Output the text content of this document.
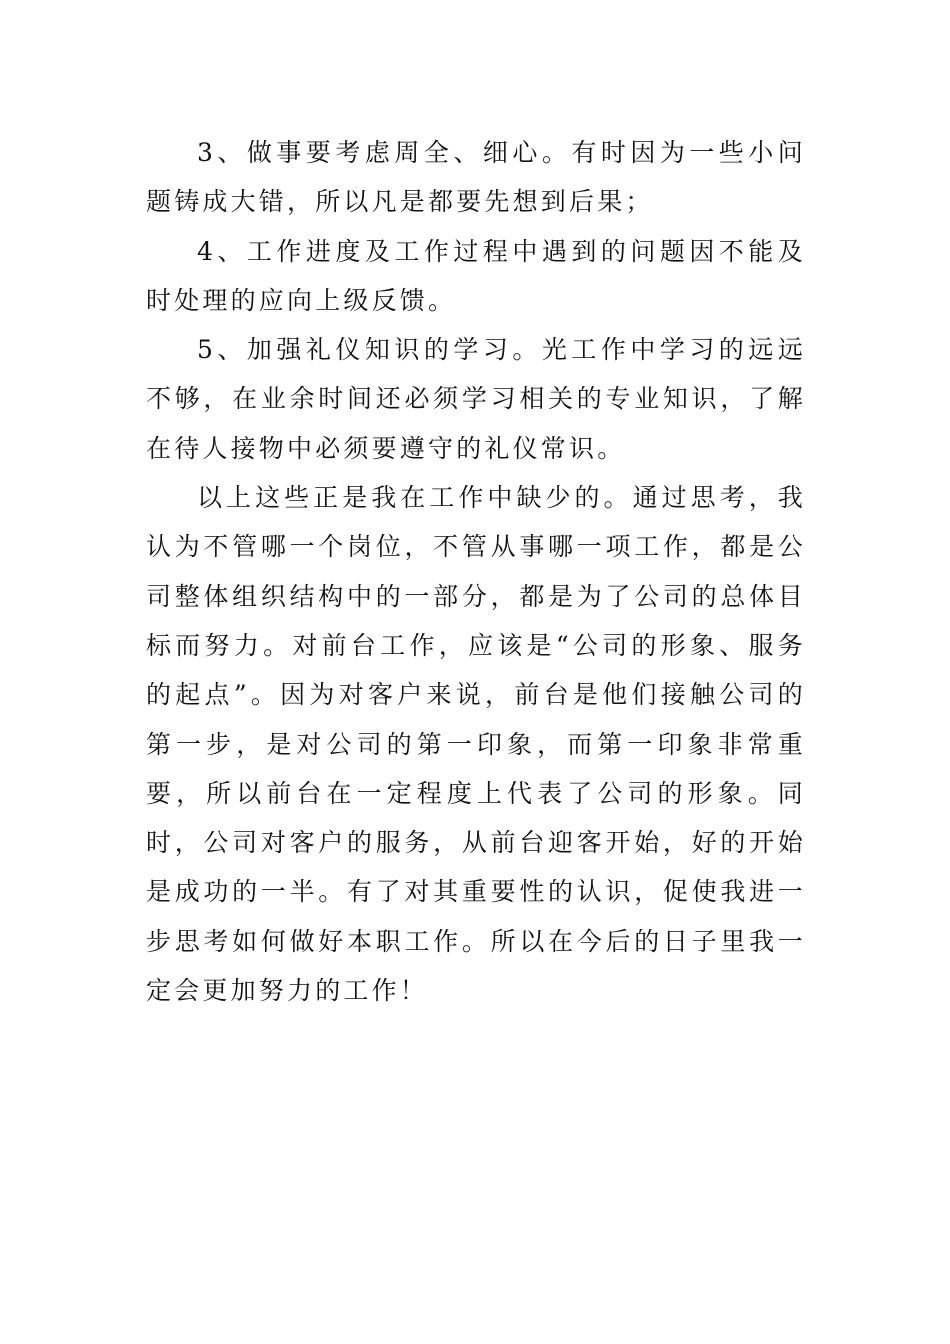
3、做事要考虑周全、细心。有时因为一些小问题铸成大错，所以凡是都要先想到后果；

4、工作进度及工作过程中遇到的问题因不能及时处理的应向上级反馈。

5、加强礼仪知识的学习。光工作中学习的远远不够，在业余时间还必须学习相关的专业知识，了解在待人接物中必须要遵守的礼仪常识。

以上这些正是我在工作中缺少的。通过思考，我认为不管哪一个岗位，不管从事哪一项工作，都是公司整体组织结构中的一部分，都是为了公司的总体目标而努力。对前台工作，应该是“公司的形象、服务的起点”。因为对客户来说，前台是他们接触公司的第一步，是对公司的第一印象，而第一印象非常重要，所以前台在一定程度上代表了公司的形象。同时，公司对客户的服务，从前台迎客开始，好的开始是成功的一半。有了对其重要性的认识，促使我进一步思考如何做好本职工作。所以在今后的日子里我一定会更加努力的工作！
